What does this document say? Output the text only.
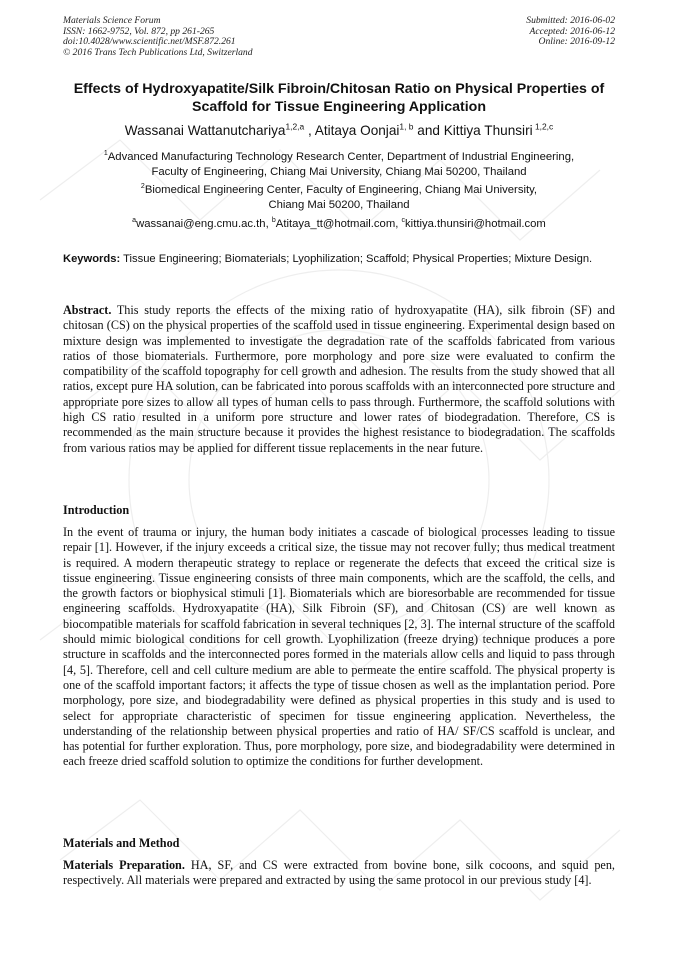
Materials Science Forum
ISSN: 1662-9752, Vol. 872, pp 261-265
doi:10.4028/www.scientific.net/MSF.872.261
© 2016 Trans Tech Publications Ltd, Switzerland
Submitted: 2016-06-02
Accepted: 2016-06-12
Online: 2016-09-12
Effects of Hydroxyapatite/Silk Fibroin/Chitosan Ratio on Physical Properties of Scaffold for Tissue Engineering Application
Wassanai Wattanutchariya$^{1,2,a}$ , Atitaya Oonjai$^{1, b}$ and Kittiya Thunsiri $^{1,2,c}$
$^1$Advanced Manufacturing Technology Research Center, Department of Industrial Engineering,
Faculty of Engineering, Chiang Mai University, Chiang Mai 50200, Thailand
$^2$Biomedical Engineering Center, Faculty of Engineering, Chiang Mai University,
Chiang Mai 50200, Thailand
$^a$wassanai@eng.cmu.ac.th, $^b$Atitaya_tt@hotmail.com, $^c$kittiya.thunsiri@hotmail.com
Keywords: Tissue Engineering; Biomaterials; Lyophilization; Scaffold; Physical Properties; Mixture Design.
Abstract. This study reports the effects of the mixing ratio of hydroxyapatite (HA), silk fibroin (SF) and chitosan (CS) on the physical properties of the scaffold used in tissue engineering. Experimental design based on mixture design was implemented to investigate the degradation rate of the scaffolds fabricated from various ratios of those biomaterials. Furthermore, pore morphology and pore size were evaluated to confirm the compatibility of the scaffold topography for cell growth and adhesion. The results from the study showed that all ratios, except pure HA solution, can be fabricated into porous scaffolds with an interconnected pore structure and appropriate pore sizes to allow all types of human cells to pass through. Furthermore, the scaffold solutions with high CS ratio resulted in a uniform pore structure and lower rates of biodegradation. Therefore, CS is recommended as the main structure because it provides the highest resistance to biodegradation. The scaffolds from various ratios may be applied for different tissue replacements in the near future.
Introduction
In the event of trauma or injury, the human body initiates a cascade of biological processes leading to tissue repair [1]. However, if the injury exceeds a critical size, the tissue may not recover fully; thus medical treatment is required. A modern therapeutic strategy to replace or regenerate the defects that exceed the critical size is tissue engineering. Tissue engineering consists of three main components, which are the scaffold, the cells, and the growth factors or biophysical stimuli [1]. Biomaterials which are bioresorbable are recommended for tissue engineering scaffolds. Hydroxyapatite (HA), Silk Fibroin (SF), and Chitosan (CS) are well known as biocompatible materials for scaffold fabrication in several techniques [2, 3]. The internal structure of the scaffold should mimic biological conditions for cell growth. Lyophilization (freeze drying) technique produces a pore structure in scaffolds and the interconnected pores formed in the materials allow cells and liquid to pass through [4, 5]. Therefore, cell and cell culture medium are able to permeate the entire scaffold. The physical property is one of the scaffold important factors; it affects the type of tissue chosen as well as the implantation period. Pore morphology, pore size, and biodegradability were defined as physical properties in this study and is used to select for appropriate characteristic of specimen for tissue engineering application. Nevertheless, the understanding of the relationship between physical properties and ratio of HA/ SF/CS scaffold is unclear, and has potential for further exploration. Thus, pore morphology, pore size, and biodegradability were determined in each freeze dried scaffold solution to optimize the conditions for further development.
Materials and Method
Materials Preparation. HA, SF, and CS were extracted from bovine bone, silk cocoons, and squid pen, respectively. All materials were prepared and extracted by using the same protocol in our previous study [4].
